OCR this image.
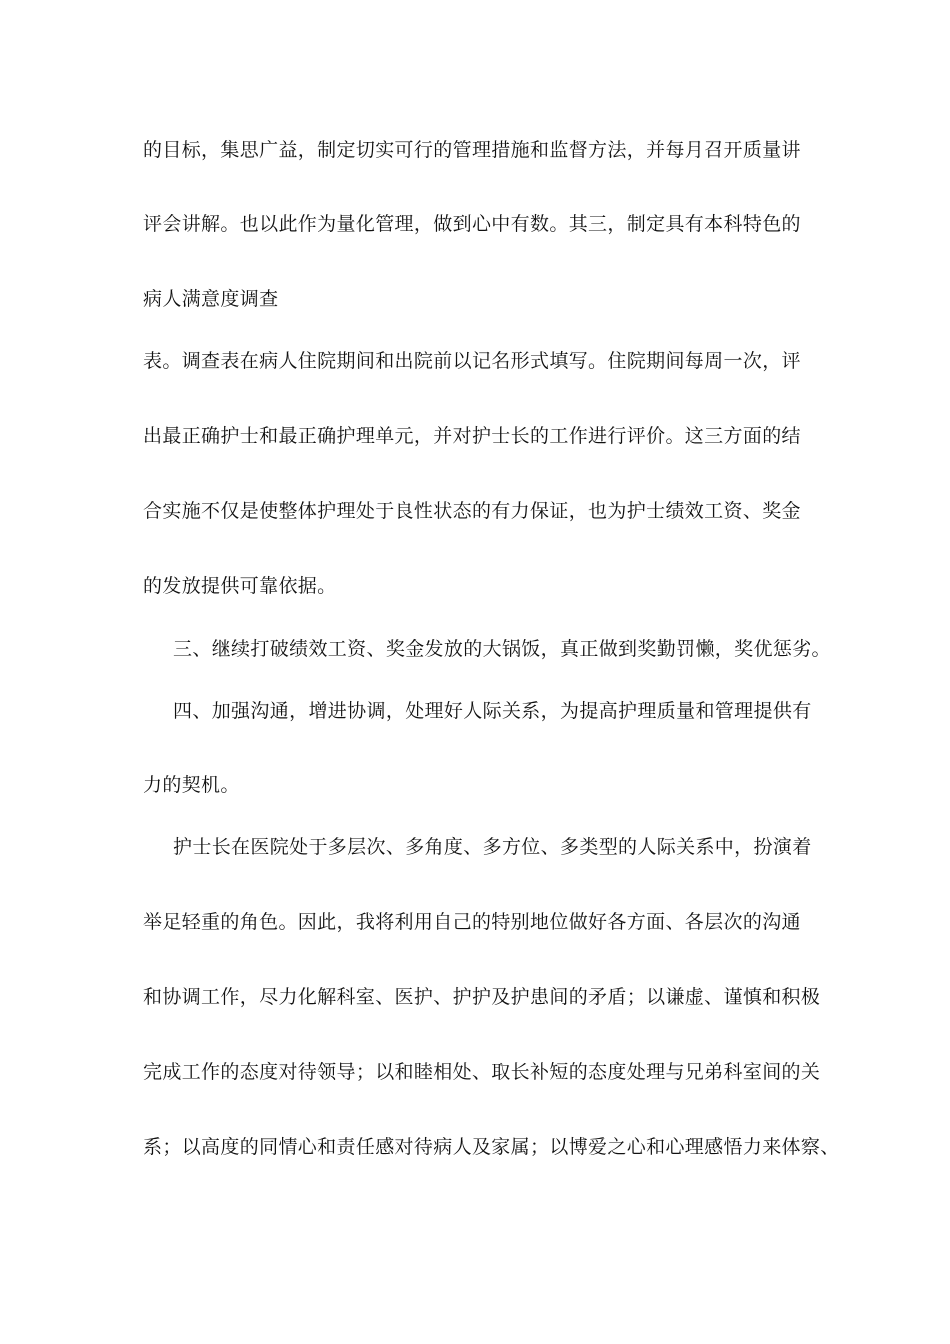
的目标，集思广益，制定切实可行的管理措施和监督方法，并每月召开质量讲
评会讲解。也以此作为量化管理，做到心中有数。其三，制定具有本科特色的
病人满意度调查
表。调查表在病人住院期间和出院前以记名形式填写。住院期间每周一次，评
出最正确护士和最正确护理单元，并对护士长的工作进行评价。这三方面的结
合实施不仅是使整体护理处于良性状态的有力保证，也为护士绩效工资、奖金
的发放提供可靠依据。
三、继续打破绩效工资、奖金发放的大锅饭，真正做到奖勤罚懒，奖优惩劣。
四、加强沟通，增进协调，处理好人际关系，为提高护理质量和管理提供有
力的契机。
护士长在医院处于多层次、多角度、多方位、多类型的人际关系中，扮演着
举足轻重的角色。因此，我将利用自己的特别地位做好各方面、各层次的沟通
和协调工作，尽力化解科室、医护、护护及护患间的矛盾；以谦虚、谨慎和积极
完成工作的态度对待领导；以和睦相处、取长补短的态度处理与兄弟科室间的关
系；以高度的同情心和责任感对待病人及家属；以博爱之心和心理感悟力来体察、
